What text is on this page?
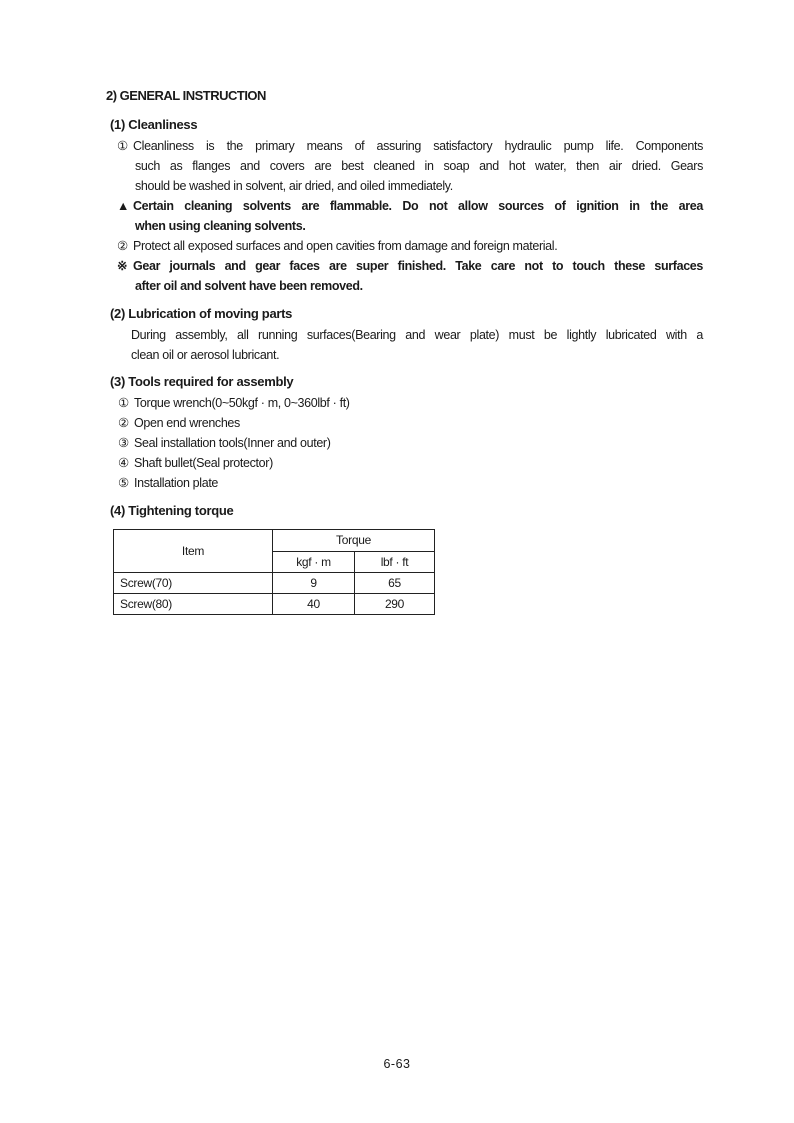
2) GENERAL INSTRUCTION
(1) Cleanliness
① Cleanliness is the primary means of assuring satisfactory hydraulic pump life. Components
such as flanges and covers are best cleaned in soap and hot water, then air dried. Gears
should be washed in solvent, air dried, and oiled immediately.
▲ Certain cleaning solvents are flammable. Do not allow sources of ignition in the area
when using cleaning solvents.
② Protect all exposed surfaces and open cavities from damage and foreign material.
※ Gear journals and gear faces are super finished. Take care not to touch these surfaces
after oil and solvent have been removed.
(2) Lubrication of moving parts
During assembly, all running surfaces(Bearing and wear plate) must be lightly lubricated with a
clean oil or aerosol lubricant.
(3) Tools required for assembly
① Torque wrench(0~50kgf · m, 0~360lbf · ft)
② Open end wrenches
③ Seal installation tools(Inner and outer)
④ Shaft bullet(Seal protector)
⑤ Installation plate
(4) Tightening torque
Item	Torque	
	kgf · m	lbf · ft
Screw(70)	9	65
Screw(80)	40	290
6-63
